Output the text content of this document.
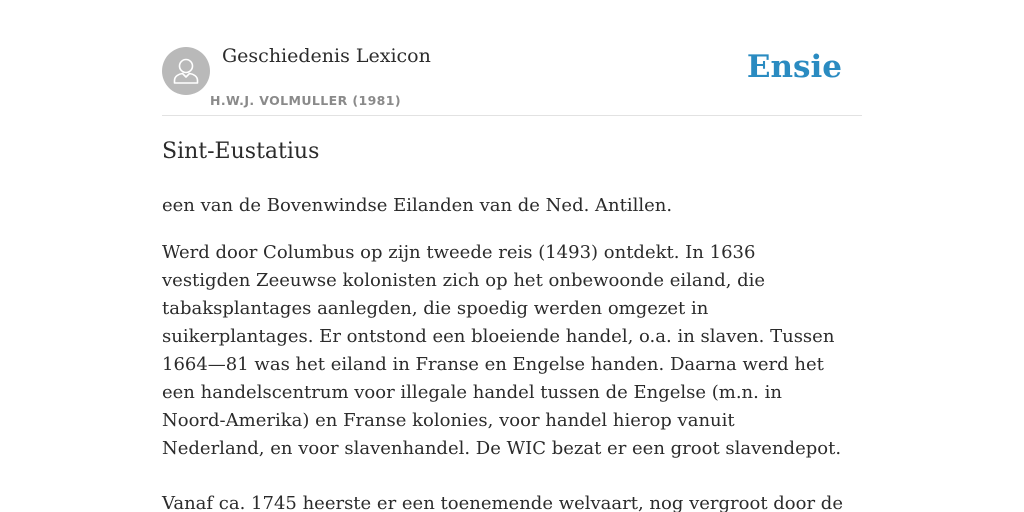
Geschiedenis Lexicon
H.W.J. VOLMULLER (1981)
Ensie
Sint-Eustatius

een van de Bovenwindse Eilanden van de Ned. Antillen.

Werd door Columbus op zijn tweede reis (1493) ontdekt. In 1636 vestigden Zeeuwse kolonisten zich op het onbewoonde eiland, die tabaksplantages aanlegden, die spoedig werden omgezet in suikerplantages. Er ontstond een bloeiende handel, o.a. in slaven. Tussen 1664—81 was het eiland in Franse en Engelse handen. Daarna werd het een handelscentrum voor illegale handel tussen de Engelse (m.n. in Noord-Amerika) en Franse kolonies, voor handel hierop vanuit Nederland, en voor slavenhandel. De WIC bezat er een groot slavendepot.

Vanaf ca. 1745 heerste er een toenemende welvaart, nog vergroot door de
